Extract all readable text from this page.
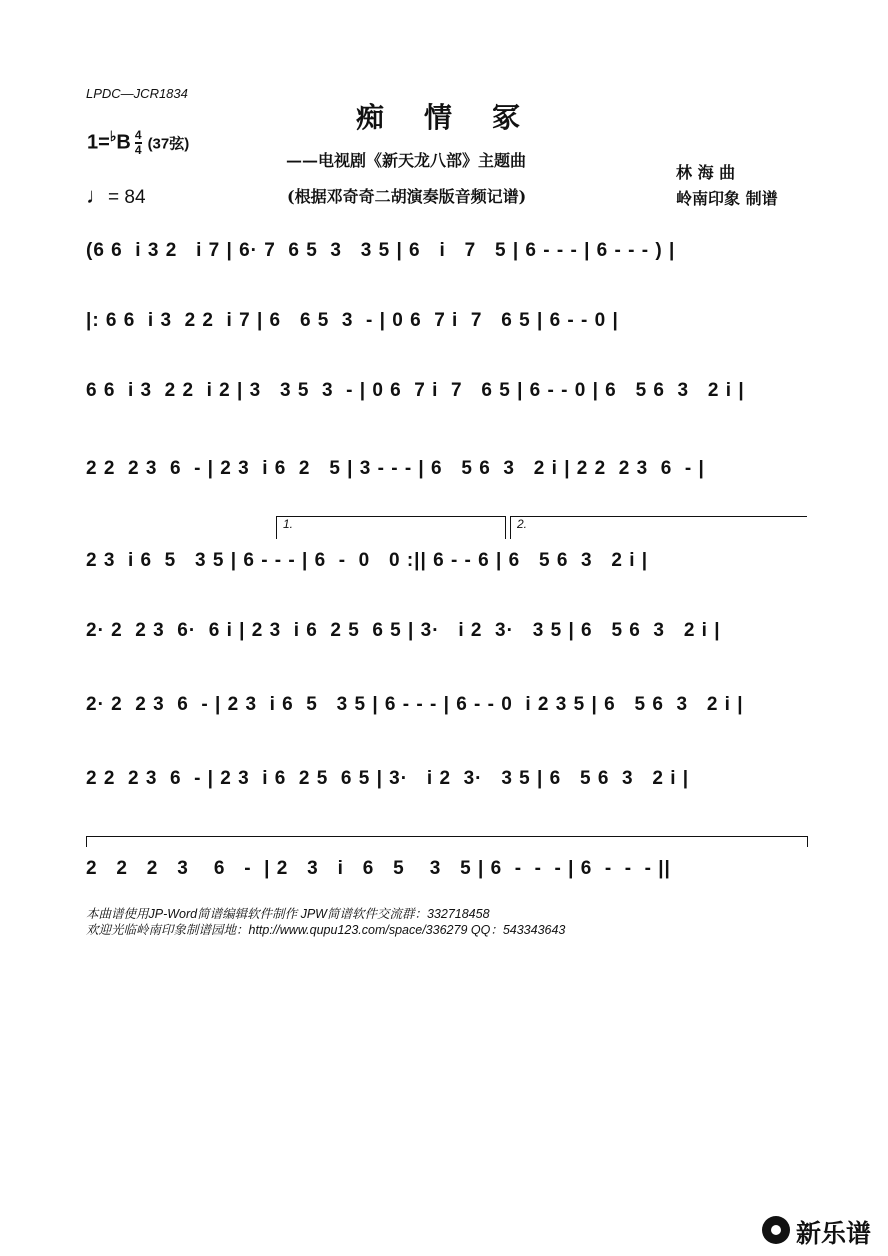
LPDC—JCR1834
痴情冢
——电视剧《新天龙八部》主题曲
(根据邓奇奇二胡演奏版音频记谱)
$1=^♭B \frac{4}{4} (37$弦)
♩= 84
林 海 曲
岭南印象 制谱
(6 6  i 3 2   i 7 | 6· 7  6 5  3   3 5 | 6   i   7   5 | 6 - - - | 6 - - - ) |
|: 6 6  i 3  2 2  i 7 | 6   6 5  3  - | 0 6  7 i  7   6 5 | 6 - - 0 |
6 6  i 3  2 2  i 2 | 3   3 5  3  - | 0 6  7 i  7   6 5 | 6 - - 0 | 6   5 6  3   2 i |
2 2  2 3  6  - | 2 3  i 6  2   5 | 3 - - - | 6   5 6  3   2 i | 2 2  2 3  6  - |
1.	2.
2 3  i 6  5   3 5 | 6 - - - | 6  -  0   0 :|| 6 - - 6 | 6   5 6  3   2 i |
2· 2  2 3  6·  6 i | 2 3  i 6  2 5  6 5 | 3·   i 2  3·   3 5 | 6   5 6  3   2 i |
2· 2  2 3  6  - | 2 3  i 6  5   3 5 | 6 - - - | 6 - - 0  i 2 3 5 | 6   5 6  3   2 i |
2 2  2 3  6  - | 2 3  i 6  2 5  6 5 | 3·   i 2  3·   3 5 | 6   5 6  3   2 i |
2   2   2   3    6   -  | 2   3   i   6   5    3   5 | 6  -  -  - | 6  -  -  - ||
本曲谱使用JP-Word简谱编辑软件制作 JPW简谱软件交流群：332718458
欢迎光临岭南印象制谱园地：http://www.qupu123.com/space/336279 QQ：543343643
新乐谱
